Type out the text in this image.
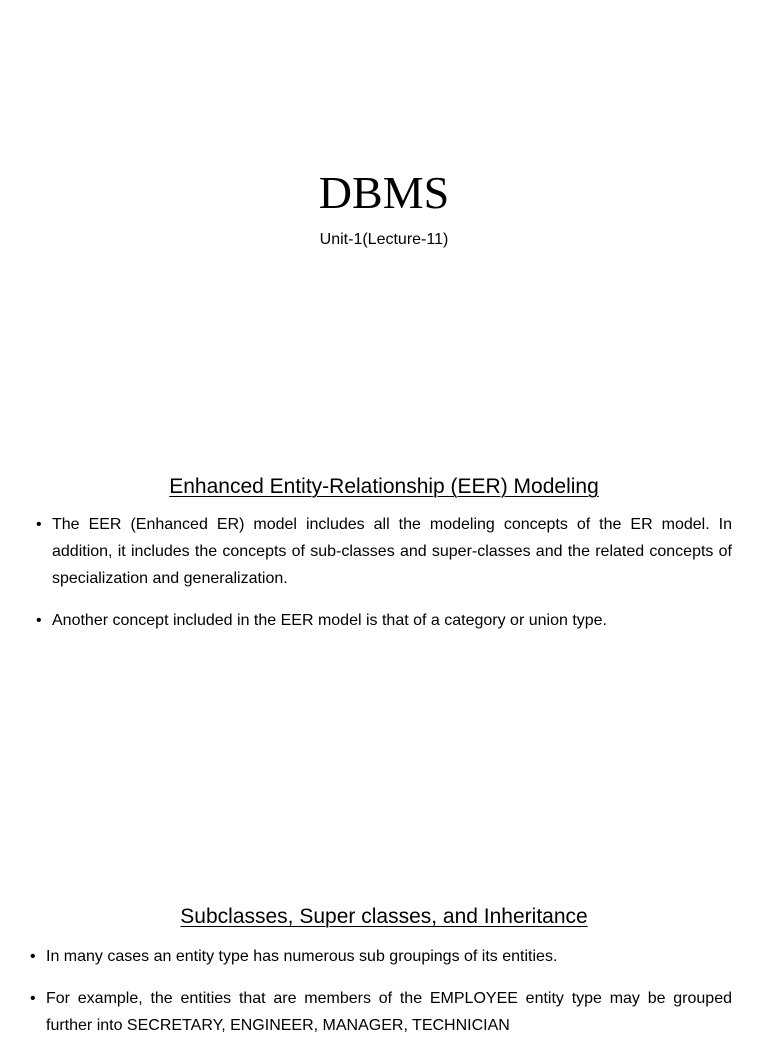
DBMS
Unit-1(Lecture-11)
Enhanced Entity-Relationship (EER) Modeling
• The EER (Enhanced ER) model includes all the modeling concepts of the ER model. In addition, it includes the concepts of sub-classes and super-classes and the related concepts of specialization and generalization.
• Another concept included in the EER model is that of a category or union type.
Subclasses, Super classes, and Inheritance
• In many cases an entity type has numerous sub groupings of its entities.
• For example, the entities that are members of the EMPLOYEE entity type may be grouped further into SECRETARY, ENGINEER, MANAGER, TECHNICIAN
